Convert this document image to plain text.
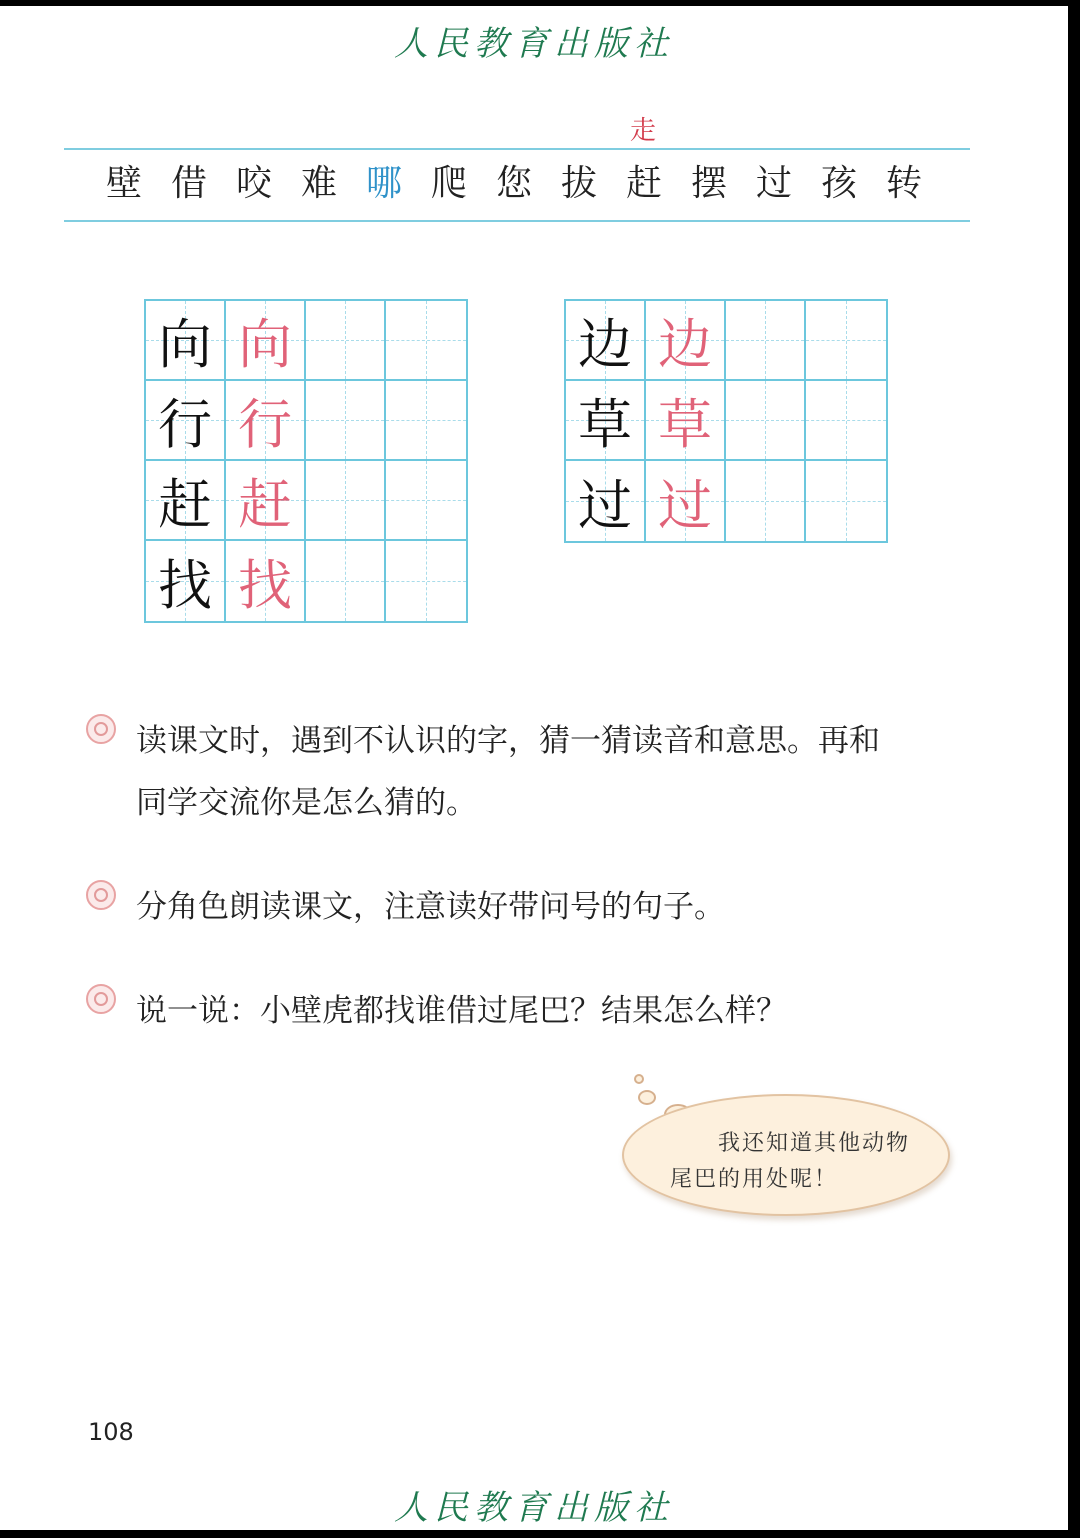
人民教育出版社
走
壁 借 咬 难 哪 爬 您 拔 赶 摆 过 孩 转
向 向
行 行
赶 赶
找 找
边 边
草 草
过 过
读课文时，遇到不认识的字，猜一猜读音和意思。再和
同学交流你是怎么猜的。
分角色朗读课文，注意读好带问号的句子。
说一说：小壁虎都找谁借过尾巴？结果怎么样？
我还知道其他动物
尾巴的用处呢！
108
人民教育出版社
